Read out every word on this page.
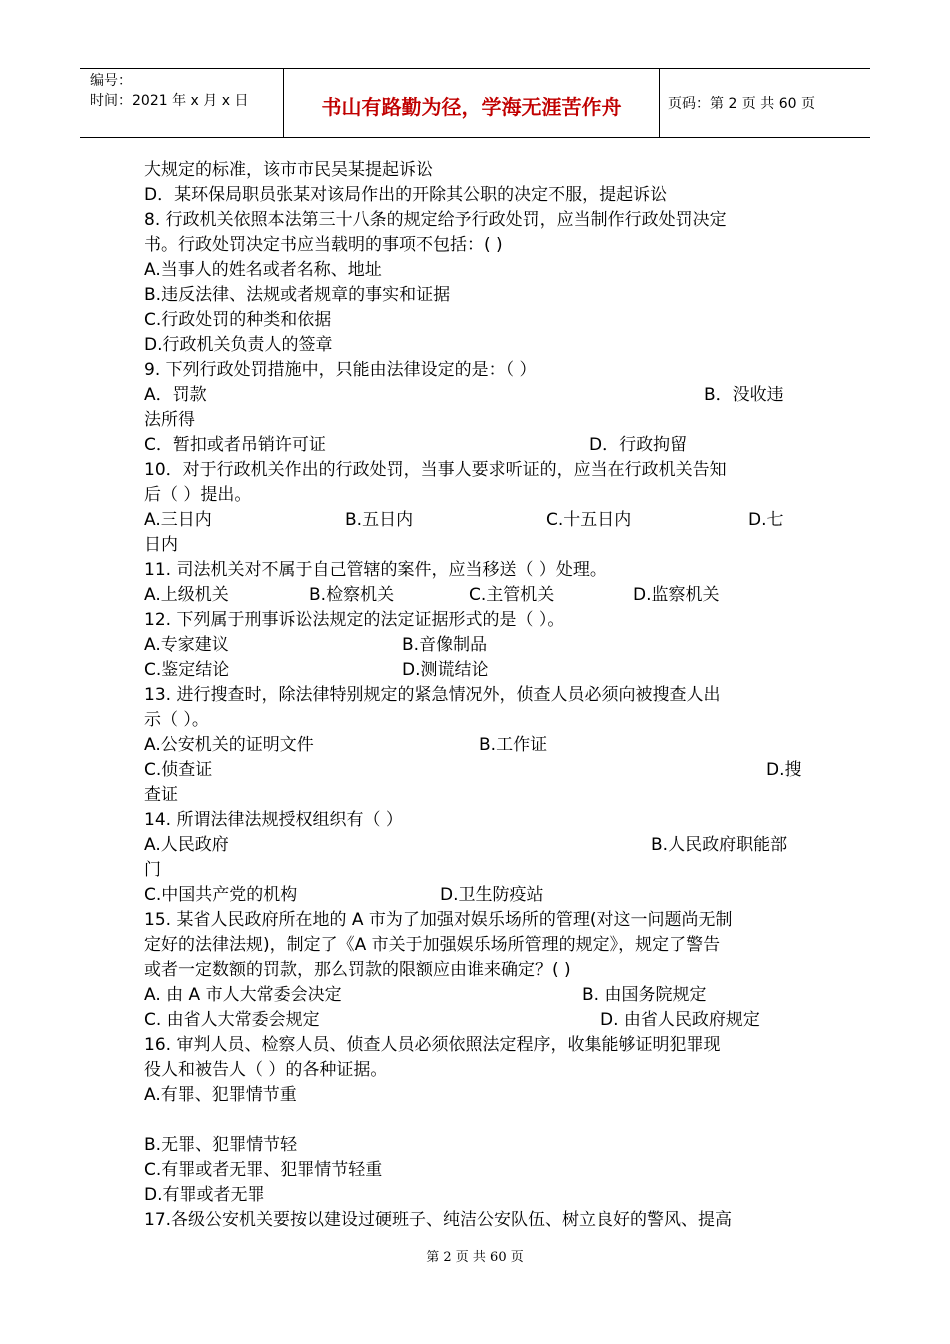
编号：
时间：2021 年 x 月 x 日	书山有路勤为径，学海无涯苦作舟	页码：第 2 页 共 60 页
大规定的标准，该市市民吴某提起诉讼
D．某环保局职员张某对该局作出的开除其公职的决定不服，提起诉讼
8. 行政机关依照本法第三十八条的规定给予行政处罚，应当制作行政处罚决定
书。行政处罚决定书应当载明的事项不包括：( )
A.当事人的姓名或者名称、地址
B.违反法律、法规或者规章的事实和证据
C.行政处罚的种类和依据
D.行政机关负责人的签章
9. 下列行政处罚措施中，只能由法律设定的是：（ ）
A．罚款	B．没收违
法所得
C．暂扣或者吊销许可证	D．行政拘留
10．对于行政机关作出的行政处罚，当事人要求听证的，应当在行政机关告知
后（ ）提出。
A.三日内	B.五日内	C.十五日内	D.七
日内
11. 司法机关对不属于自己管辖的案件，应当移送（ ）处理。
A.上级机关	B.检察机关	C.主管机关	D.监察机关
12. 下列属于刑事诉讼法规定的法定证据形式的是（ ）。
A.专家建议	B.音像制品
C.鉴定结论	D.测谎结论
13. 进行搜查时，除法律特别规定的紧急情况外，侦查人员必须向被搜查人出
示（ ）。
A.公安机关的证明文件	B.工作证
C.侦查证	D.搜
查证
14. 所谓法律法规授权组织有（ ）
A.人民政府	B.人民政府职能部
门
C.中国共产党的机构	D.卫生防疫站
15. 某省人民政府所在地的 A 市为了加强对娱乐场所的管理(对这一问题尚无制
定好的法律法规)，制定了《A 市关于加强娱乐场所管理的规定》，规定了警告
或者一定数额的罚款，那么罚款的限额应由谁来确定？( )
A. 由 A 市人大常委会决定	B. 由国务院规定
C. 由省人大常委会规定	D. 由省人民政府规定
16. 审判人员、检察人员、侦查人员必须依照法定程序，收集能够证明犯罪现
役人和被告人（ ）的各种证据。
A.有罪、犯罪情节重
B.无罪、犯罪情节轻
C.有罪或者无罪、犯罪情节轻重
D.有罪或者无罪
17.各级公安机关要按以建设过硬班子、纯洁公安队伍、树立良好的警风、提高
第 2 页 共 60 页
